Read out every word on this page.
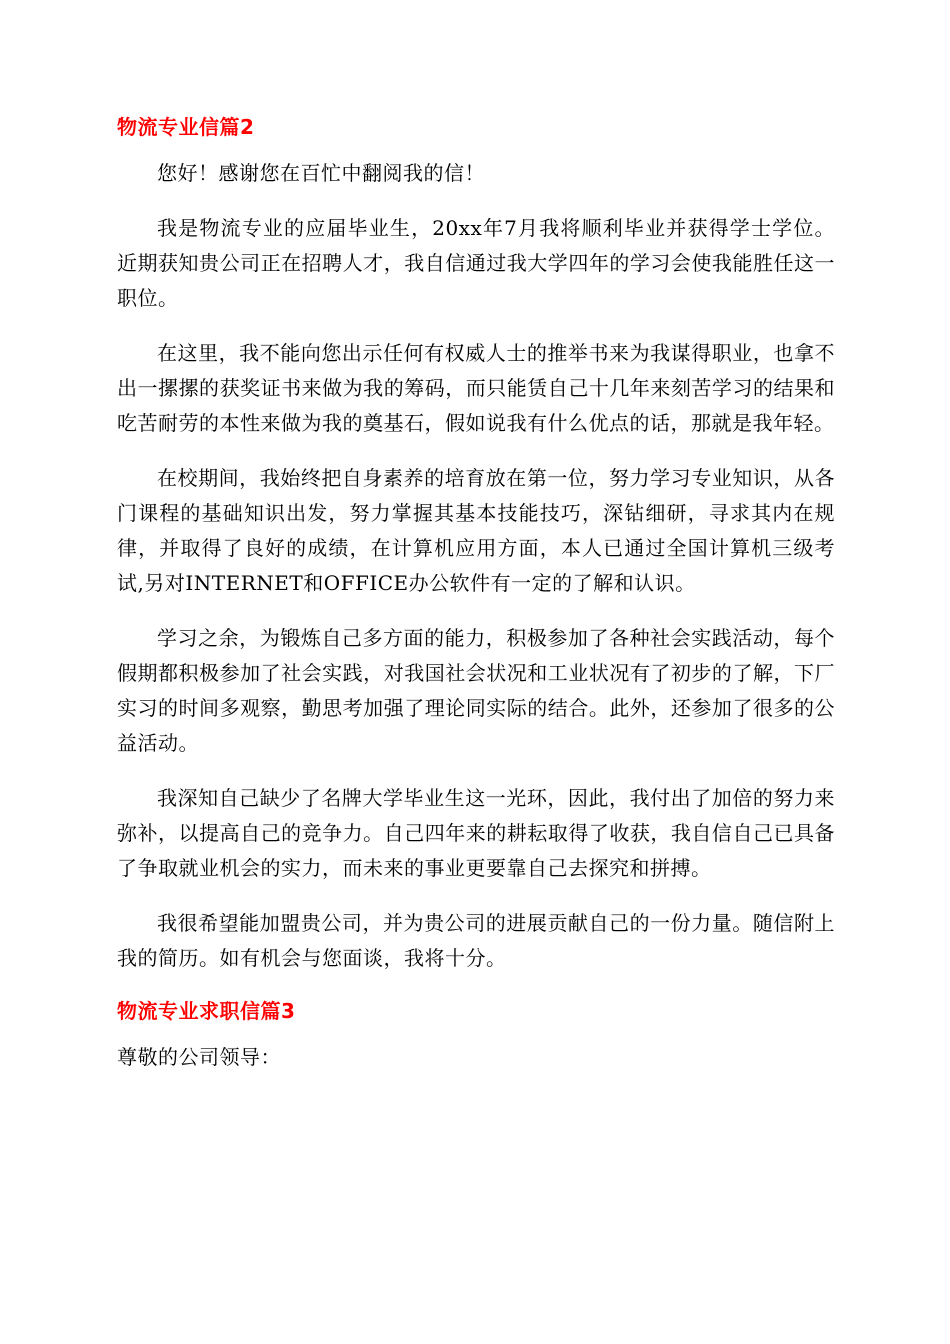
物流专业信篇2

您好！感谢您在百忙中翻阅我的信！

我是物流专业的应届毕业生，20xx年7月我将顺利毕业并获得学士学位。近期获知贵公司正在招聘人才，我自信通过我大学四年的学习会使我能胜任这一职位。

在这里，我不能向您出示任何有权威人士的推举书来为我谋得职业，也拿不出一摞摞的获奖证书来做为我的筹码，而只能赁自己十几年来刻苦学习的结果和吃苦耐劳的本性来做为我的奠基石，假如说我有什么优点的话，那就是我年轻。

在校期间，我始终把自身素养的培育放在第一位，努力学习专业知识，从各门课程的基础知识出发，努力掌握其基本技能技巧，深钻细研，寻求其内在规律，并取得了良好的成绩，在计算机应用方面，本人已通过全国计算机三级考试,另对INTERNET和OFFICE办公软件有一定的了解和认识。

学习之余，为锻炼自己多方面的能力，积极参加了各种社会实践活动，每个假期都积极参加了社会实践，对我国社会状况和工业状况有了初步的了解，下厂实习的时间多观察，勤思考加强了理论同实际的结合。此外，还参加了很多的公益活动。

我深知自己缺少了名牌大学毕业生这一光环，因此，我付出了加倍的努力来弥补，以提高自己的竞争力。自己四年来的耕耘取得了收获，我自信自己已具备了争取就业机会的实力，而未来的事业更要靠自己去探究和拼搏。

我很希望能加盟贵公司，并为贵公司的进展贡献自己的一份力量。随信附上我的简历。如有机会与您面谈，我将十分。

物流专业求职信篇3

尊敬的公司领导：
